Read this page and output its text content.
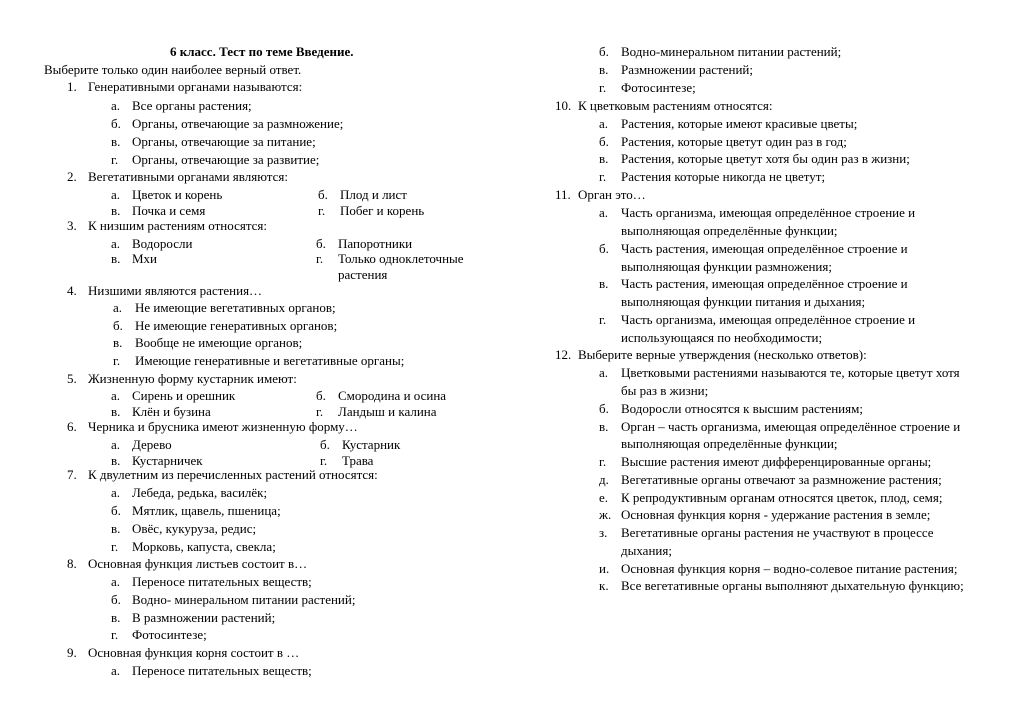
6 класс. Тест по теме Введение.
Выберите только один наиболее верный ответ.
1. Генеративными органами называются:
а. Все органы растения;
б. Органы, отвечающие за размножение;
в. Органы, отвечающие за питание;
г. Органы, отвечающие за развитие;
2. Вегетативными органами являются:
а. Цветок и корень	б. Плод и лист
в. Почка и семя	г. Побег и корень
3. К низшим растениям относятся:
а. Водоросли	б. Папоротники
в. Мхи	г. Только одноклеточные
растения
4. Низшими являются растения…
а. Не имеющие вегетативных органов;
б. Не имеющие генеративных органов;
в. Вообще не имеющие органов;
г. Имеющие генеративные и вегетативные органы;
5. Жизненную форму кустарник имеют:
а. Сирень и орешник	б. Смородина и осина
в. Клён и бузина	г. Ландыш и калина
6. Черника и брусника имеют жизненную форму…
а. Дерево	б. Кустарник
в. Кустарничек	г. Трава
7. К двулетним из перечисленных растений относятся:
а. Лебеда, редька, василёк;
б. Мятлик, щавель, пшеница;
в. Овёс, кукуруза, редис;
г. Морковь, капуста, свекла;
8. Основная функция листьев состоит в…
а. Переносе питательных веществ;
б. Водно- минеральном питании растений;
в. В размножении растений;
г. Фотосинтезе;
9. Основная функция корня состоит в …
а. Переносе питательных веществ;
б. Водно-минеральном питании растений;
в. Размножении растений;
г. Фотосинтезе;
10. К цветковым растениям относятся:
а. Растения, которые имеют красивые цветы;
б. Растения, которые цветут один раз в год;
в. Растения, которые цветут хотя бы один раз в жизни;
г. Растения которые никогда не цветут;
11. Орган это…
а. Часть организма, имеющая определённое строение и
выполняющая определённые функции;
б. Часть растения, имеющая определённое строение и
выполняющая функции размножения;
в. Часть растения, имеющая определённое строение и
выполняющая функции питания и дыхания;
г. Часть организма, имеющая определённое строение и
использующаяся по необходимости;
12. Выберите верные утверждения (несколько ответов):
а. Цветковыми растениями называются те, которые цветут хотя
бы раз в жизни;
б. Водоросли относятся к высшим растениям;
в. Орган – часть организма, имеющая определённое строение и
выполняющая определённые функции;
г. Высшие растения имеют дифференцированные органы;
д. Вегетативные органы отвечают за размножение растения;
е. К репродуктивным органам относятся цветок, плод, семя;
ж. Основная функция корня - удержание растения в земле;
з. Вегетативные органы растения не участвуют в процессе
дыхания;
и. Основная функция корня – водно-солевое питание растения;
к. Все вегетативные органы выполняют дыхательную функцию;
